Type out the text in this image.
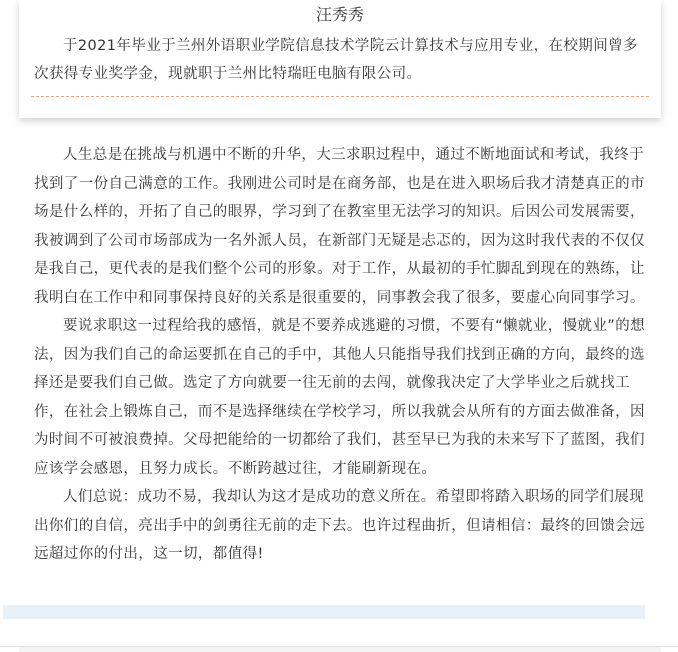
汪秀秀

于2021年毕业于兰州外语职业学院信息技术学院云计算技术与应用专业，在校期间曾多次获得专业奖学金，现就职于兰州比特瑞旺电脑有限公司。

人生总是在挑战与机遇中不断的升华，大三求职过程中，通过不断地面试和考试，我终于找到了一份自己满意的工作。我刚进公司时是在商务部，也是在进入职场后我才清楚真正的市场是什么样的，开拓了自己的眼界，学习到了在教室里无法学习的知识。后因公司发展需要，我被调到了公司市场部成为一名外派人员，在新部门无疑是忐忑的，因为这时我代表的不仅仅是我自己，更代表的是我们整个公司的形象。对于工作，从最初的手忙脚乱到现在的熟练，让我明白在工作中和同事保持良好的关系是很重要的，同事教会我了很多，要虚心向同事学习。

要说求职这一过程给我的感悟，就是不要养成逃避的习惯，不要有“懒就业，慢就业”的想法，因为我们自己的命运要抓在自己的手中，其他人只能指导我们找到正确的方向，最终的选择还是要我们自己做。选定了方向就要一往无前的去闯，就像我决定了大学毕业之后就找工作，在社会上锻炼自己，而不是选择继续在学校学习，所以我就会从所有的方面去做准备，因为时间不可被浪费掉。父母把能给的一切都给了我们，甚至早已为我的未来写下了蓝图，我们应该学会感恩，且努力成长。不断跨越过往，才能刷新现在。

人们总说：成功不易，我却认为这才是成功的意义所在。希望即将踏入职场的同学们展现出你们的自信，亮出手中的剑勇往无前的走下去。也许过程曲折，但请相信：最终的回馈会远远超过你的付出，这一切，都值得!
